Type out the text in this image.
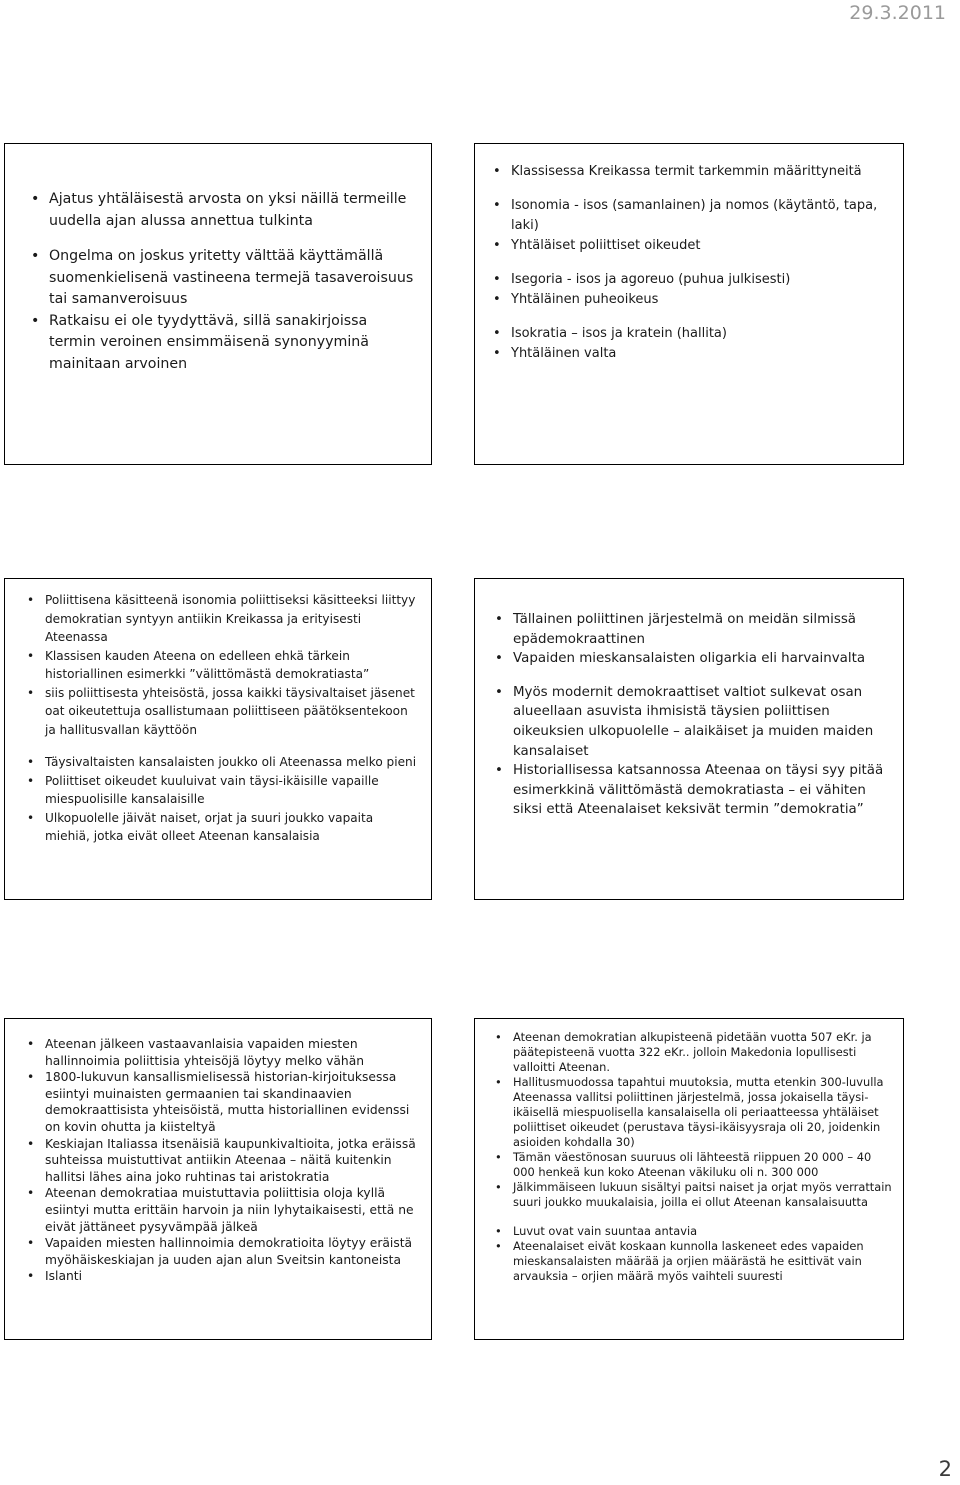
29.3.2011
• Ajatus yhtäläisestä arvosta on yksi näillä termeille uudella ajan alussa annettua tulkinta
• Ongelma on joskus yritetty välttää käyttämällä suomenkielisenä vastineena termejä tasaveroisuus tai samanveroisuus
• Ratkaisu ei ole tyydyttävä, sillä sanakirjoissa termin veroinen ensimmäisenä synonyyminä mainitaan arvoinen
• Klassisessa Kreikassa termit tarkemmin määrittyneitä
• Isonomia - isos (samanlainen) ja nomos (käytäntö, tapa, laki)
• Yhtäläiset poliittiset oikeudet
• Isegoria - isos ja agoreuo (puhua julkisesti)
• Yhtäläinen puheoikeus
• Isokratia – isos ja kratein (hallita)
• Yhtäläinen valta
• Poliittisena käsitteenä isonomia poliittiseksi käsitteeksi liittyy demokratian syntyyn antiikin Kreikassa ja erityisesti Ateenassa
• Klassisen kauden Ateena on edelleen ehkä tärkein historiallinen esimerkki ”välittömästä demokratiasta”
• siis poliittisesta yhteisöstä, jossa kaikki täysivaltaiset jäsenet oat oikeutettuja osallistumaan poliittiseen päätöksentekoon ja hallitusvallan käyttöön
• Täysivaltaisten kansalaisten joukko oli Ateenassa melko pieni
• Poliittiset oikeudet kuuluivat vain täysi-ikäisille vapaille miespuolisille kansalaisille
• Ulkopuolelle jäivät naiset, orjat ja suuri joukko vapaita miehiä, jotka eivät olleet Ateenan kansalaisia
• Tällainen poliittinen järjestelmä on meidän silmissä epädemokraattinen
• Vapaiden mieskansalaisten oligarkia eli harvainvalta
• Myös modernit demokraattiset valtiot sulkevat osan alueellaan asuvista ihmisistä täysien poliittisen oikeuksien ulkopuolelle – alaikäiset ja muiden maiden kansalaiset
• Historiallisessa katsannossa Ateenaa on täysi syy pitää esimerkkinä välittömästä demokratiasta – ei vähiten siksi että Ateenalaiset keksivät termin ”demokratia”
• Ateenan jälkeen vastaavanlaisia vapaiden miesten hallinnoimia poliittisia yhteisöjä löytyy melko vähän
• 1800-lukuvun kansallismielisessä historian-kirjoituksessa esiintyi muinaisten germaanien tai skandinaavien demokraattisista yhteisöistä, mutta historiallinen evidenssi on kovin ohutta ja kiisteltyä
• Keskiajan Italiassa itsenäisiä kaupunkivaltioita, jotka eräissä suhteissa muistuttivat antiikin Ateenaa – näitä kuitenkin hallitsi lähes aina joko ruhtinas tai aristokratia
• Ateenan demokratiaa muistuttavia poliittisia oloja kyllä esiintyi mutta erittäin harvoin ja niin lyhytaikaisesti, että ne eivät jättäneet pysyvämpää jälkeä
• Vapaiden miesten hallinnoimia demokratioita löytyy eräistä myöhäiskeskiajan ja uuden ajan alun Sveitsin kantoneista
• Islanti
• Ateenan demokratian alkupisteenä pidetään vuotta 507 eKr. ja päätepisteenä vuotta 322 eKr.. jolloin Makedonia lopullisesti valloitti Ateenan.
• Hallitusmuodossa tapahtui muutoksia, mutta etenkin 300-luvulla Ateenassa vallitsi poliittinen järjestelmä, jossa jokaisella täysi-ikäisellä miespuolisella kansalaisella oli periaatteessa yhtäläiset poliittiset oikeudet (perustava täysi-ikäisyysraja oli 20, joidenkin asioiden kohdalla 30)
• Tämän väestönosan suuruus oli lähteestä riippuen 20 000 – 40 000 henkeä kun koko Ateenan väkiluku oli n. 300 000
• Jälkimmäiseen lukuun sisältyi paitsi naiset ja orjat myös verrattain suuri joukko muukalaisia, joilla ei ollut Ateenan kansalaisuutta
• Luvut ovat vain suuntaa antavia
• Ateenalaiset eivät koskaan kunnolla laskeneet edes vapaiden mieskansalaisten määrää ja orjien määrästä he esittivät vain arvauksia – orjien määrä myös vaihteli suuresti
2
